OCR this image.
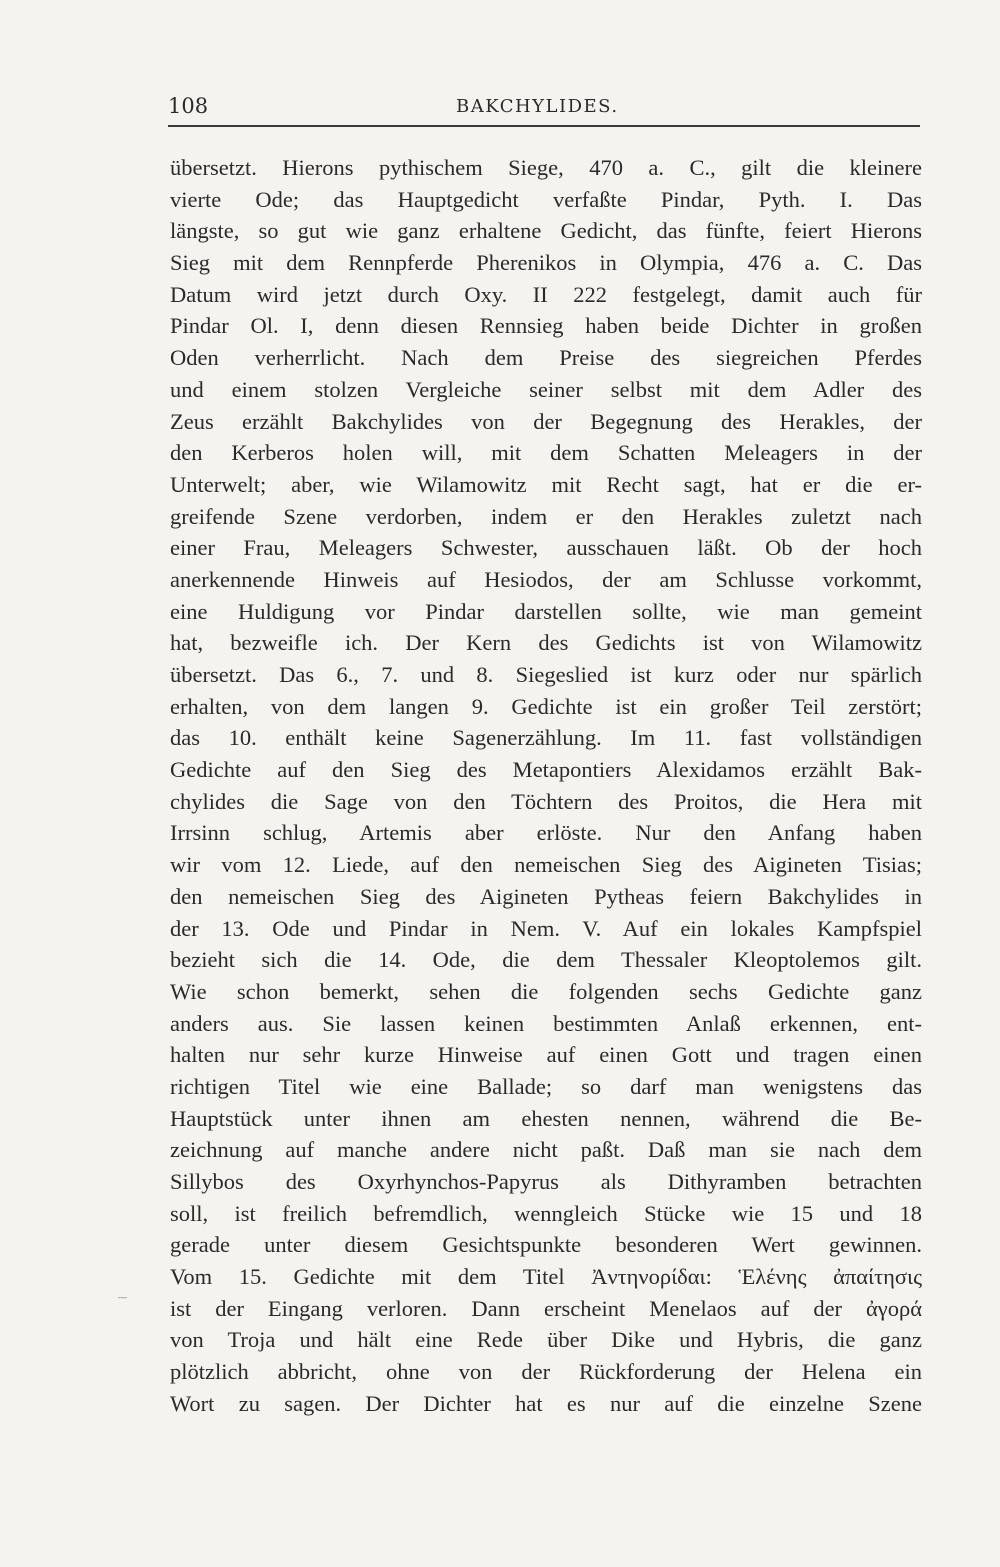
108	BAKCHYLIDES.
_
übersetzt. Hierons pythischem Siege, 470 a. C., gilt die kleinere
vierte Ode; das Hauptgedicht verfaßte Pindar, Pyth. I. Das
längste, so gut wie ganz erhaltene Gedicht, das fünfte, feiert Hierons
Sieg mit dem Rennpferde Pherenikos in Olympia, 476 a. C. Das
Datum wird jetzt durch Oxy. II 222 festgelegt, damit auch für
Pindar Ol. I, denn diesen Rennsieg haben beide Dichter in großen
Oden verherrlicht. Nach dem Preise des siegreichen Pferdes
und einem stolzen Vergleiche seiner selbst mit dem Adler des
Zeus erzählt Bakchylides von der Begegnung des Herakles, der
den Kerberos holen will, mit dem Schatten Meleagers in der
Unterwelt; aber, wie Wilamowitz mit Recht sagt, hat er die er-
greifende Szene verdorben, indem er den Herakles zuletzt nach
einer Frau, Meleagers Schwester, ausschauen läßt. Ob der hoch
anerkennende Hinweis auf Hesiodos, der am Schlusse vorkommt,
eine Huldigung vor Pindar darstellen sollte, wie man gemeint
hat, bezweifle ich. Der Kern des Gedichts ist von Wilamowitz
übersetzt. Das 6., 7. und 8. Siegeslied ist kurz oder nur spärlich
erhalten, von dem langen 9. Gedichte ist ein großer Teil zerstört;
das 10. enthält keine Sagenerzählung. Im 11. fast vollständigen
Gedichte auf den Sieg des Metapontiers Alexidamos erzählt Bak-
chylides die Sage von den Töchtern des Proitos, die Hera mit
Irrsinn schlug, Artemis aber erlöste. Nur den Anfang haben
wir vom 12. Liede, auf den nemeischen Sieg des Aigineten Tisias;
den nemeischen Sieg des Aigineten Pytheas feiern Bakchylides in
der 13. Ode und Pindar in Nem. V. Auf ein lokales Kampfspiel
bezieht sich die 14. Ode, die dem Thessaler Kleoptolemos gilt.
Wie schon bemerkt, sehen die folgenden sechs Gedichte ganz
anders aus. Sie lassen keinen bestimmten Anlaß erkennen, ent-
halten nur sehr kurze Hinweise auf einen Gott und tragen einen
richtigen Titel wie eine Ballade; so darf man wenigstens das
Hauptstück unter ihnen am ehesten nennen, während die Be-
zeichnung auf manche andere nicht paßt. Daß man sie nach dem
Sillybos des Oxyrhynchos-Papyrus als Dithyramben betrachten
soll, ist freilich befremdlich, wenngleich Stücke wie 15 und 18
gerade unter diesem Gesichtspunkte besonderen Wert gewinnen.
Vom 15. Gedichte mit dem Titel Ἀντηνορίδαι: Ἑλένης ἀπαίτησις
ist der Eingang verloren. Dann erscheint Menelaos auf der ἀγορά
von Troja und hält eine Rede über Dike und Hybris, die ganz
plötzlich abbricht, ohne von der Rückforderung der Helena ein
Wort zu sagen. Der Dichter hat es nur auf die einzelne Szene
